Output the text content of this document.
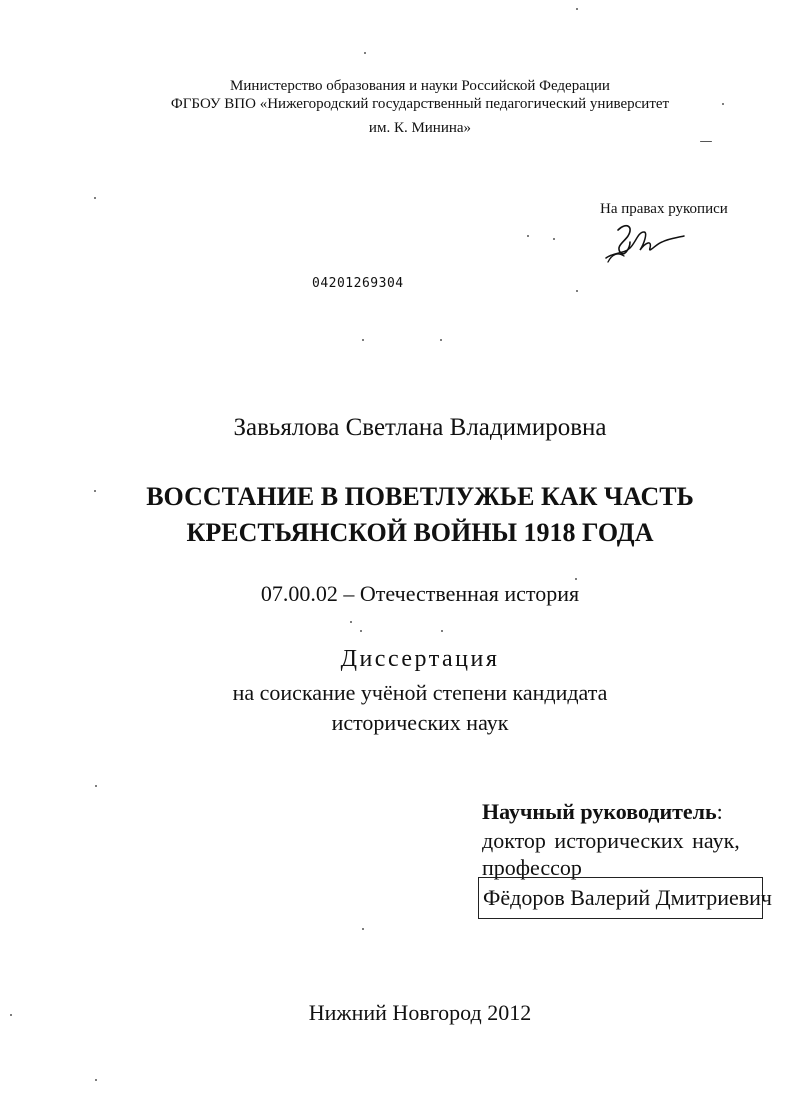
Министерство образования и науки Российской Федерации
ФГБОУ ВПО «Нижегородский государственный педагогический университет
им. К. Минина»
На правах рукописи
04201269304
Завьялова Светлана Владимировна
ВОССТАНИЕ В ПОВЕТЛУЖЬЕ КАК ЧАСТЬ
КРЕСТЬЯНСКОЙ ВОЙНЫ 1918 ГОДА
07.00.02 – Отечественная история
Диссертация
на соискание учёной степени кандидата
исторических наук
Научный руководитель:
доктор исторических наук,
профессор
Фёдоров Валерий Дмитриевич
Нижний Новгород 2012
